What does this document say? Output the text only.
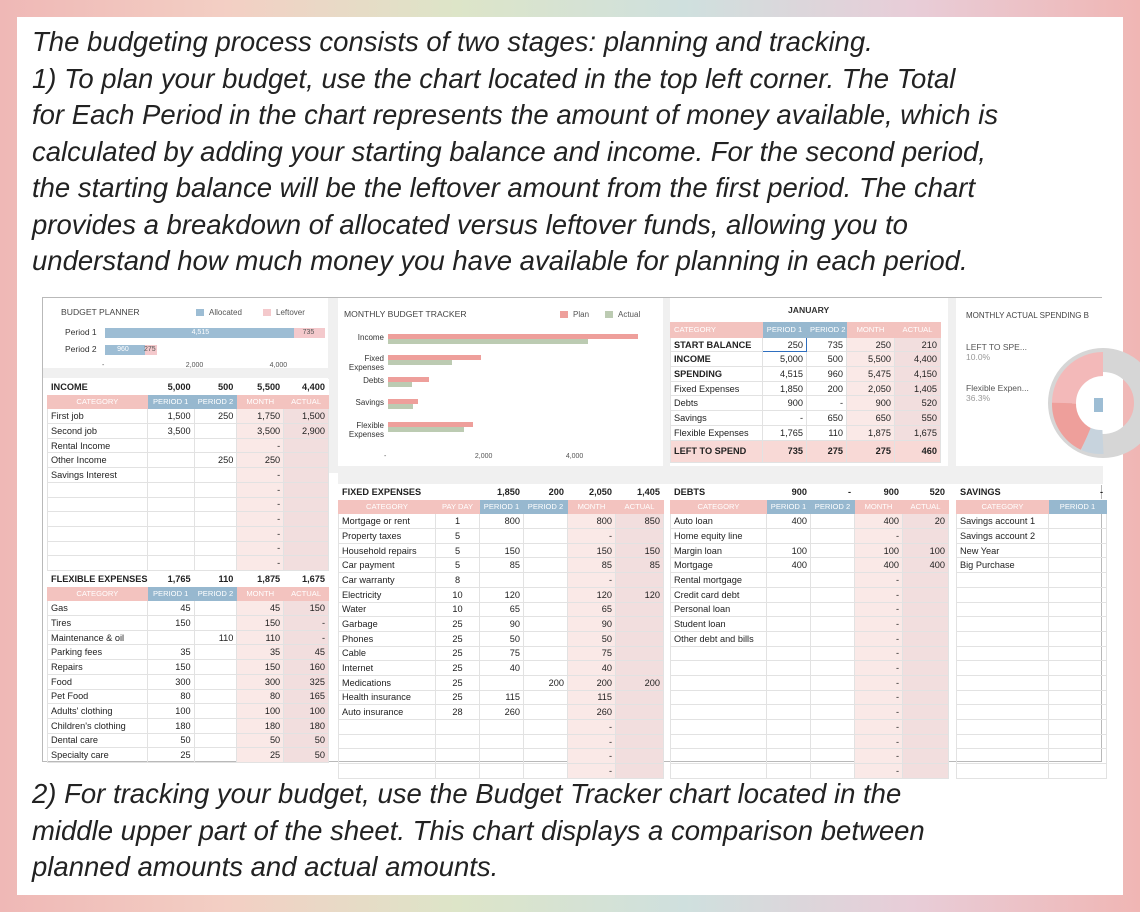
The budgeting process consists of two stages: planning and tracking.
1) To plan your budget, use the chart located in the top left corner. The Total
for Each Period in the chart represents the amount of money available, which is
calculated by adding your starting balance and income. For the second period,
the starting balance will be the leftover amount from the first period. The chart
provides a breakdown of allocated versus leftover funds, allowing you to
understand how much money you have available for planning in each period.
BUDGET PLANNER	Allocated	Leftover
Period 1	4,515	735
Period 2	960 275
-	2,000	4,000
MONTHLY BUDGET TRACKER	Plan	Actual
Income
Fixed Expenses
Debts
Savings
Flexible Expenses
-	2,000	4,000
JANUARY
CATEGORY	PERIOD 1	PERIOD 2	MONTH	ACTUAL
START BALANCE	250	735	250	210
INCOME	5,000	500	5,500	4,400
SPENDING	4,515	960	5,475	4,150
Fixed Expenses	1,850	200	2,050	1,405
Debts	900	-	900	520
Savings	-	650	650	550
Flexible Expenses	1,765	110	1,875	1,675
LEFT TO SPEND	735	275	275	460
MONTHLY ACTUAL SPENDING B
LEFT TO SPE...
10.0%
Flexible Expen...
36.3%
INCOME	5,000	500	5,500	4,400
CATEGORY	PERIOD 1	PERIOD 2	MONTH	ACTUAL
First job	1,500	250	1,750	1,500
Second job	3,500		3,500	2,900
Rental Income			-	
Other Income		250	250	
Savings Interest			-	
			-	
			-	
			-	
			-	
			-	
			-	
FLEXIBLE EXPENSES	1,765	110	1,875	1,675
CATEGORY	PERIOD 1	PERIOD 2	MONTH	ACTUAL
Gas	45		45	150
Tires	150		150	-
Maintenance & oil		110	110	-
Parking fees	35		35	45
Repairs	150		150	160
Food	300		300	325
Pet Food	80		80	165
Adults' clothing	100		100	100
Children's clothing	180		180	180
Dental care	50		50	50
Specialty care	25		25	50
FIXED EXPENSES		1,850	200	2,050	1,405
CATEGORY	PAY DAY	PERIOD 1	PERIOD 2	MONTH	ACTUAL
Mortgage or rent	1	800		800	850
Property taxes	5			-	
Household repairs	5	150		150	150
Car payment	5	85		85	85
Car warranty	8			-	
Electricity	10	120		120	120
Water	10	65		65	
Garbage	25	90		90	
Phones	25	50		50	
Cable	25	75		75	
Internet	25	40		40	
Medications	25		200	200	200
Health insurance	25	115		115	
Auto insurance	28	260		260	
				-	
				-	
				-	
				-	
DEBTS	900	-	900	520
CATEGORY	PERIOD 1	PERIOD 2	MONTH	ACTUAL
Auto loan	400		400	20
Home equity line			-	
Margin loan	100		100	100
Mortgage	400		400	400
Rental mortgage			-	
Credit card debt			-	
Personal loan			-	
Student loan			-	
Other debt and bills			-	
			-	
			-	
			-	
			-	
			-	
			-	
			-	
			-	
			-	
SAVINGS	-
CATEGORY	PERIOD 1
Savings account 1	
Savings account 2	
New Year	
Big Purchase	

2) For tracking your budget, use the Budget Tracker chart located in the
middle upper part of the sheet. This chart displays a comparison between
planned amounts and actual amounts.
